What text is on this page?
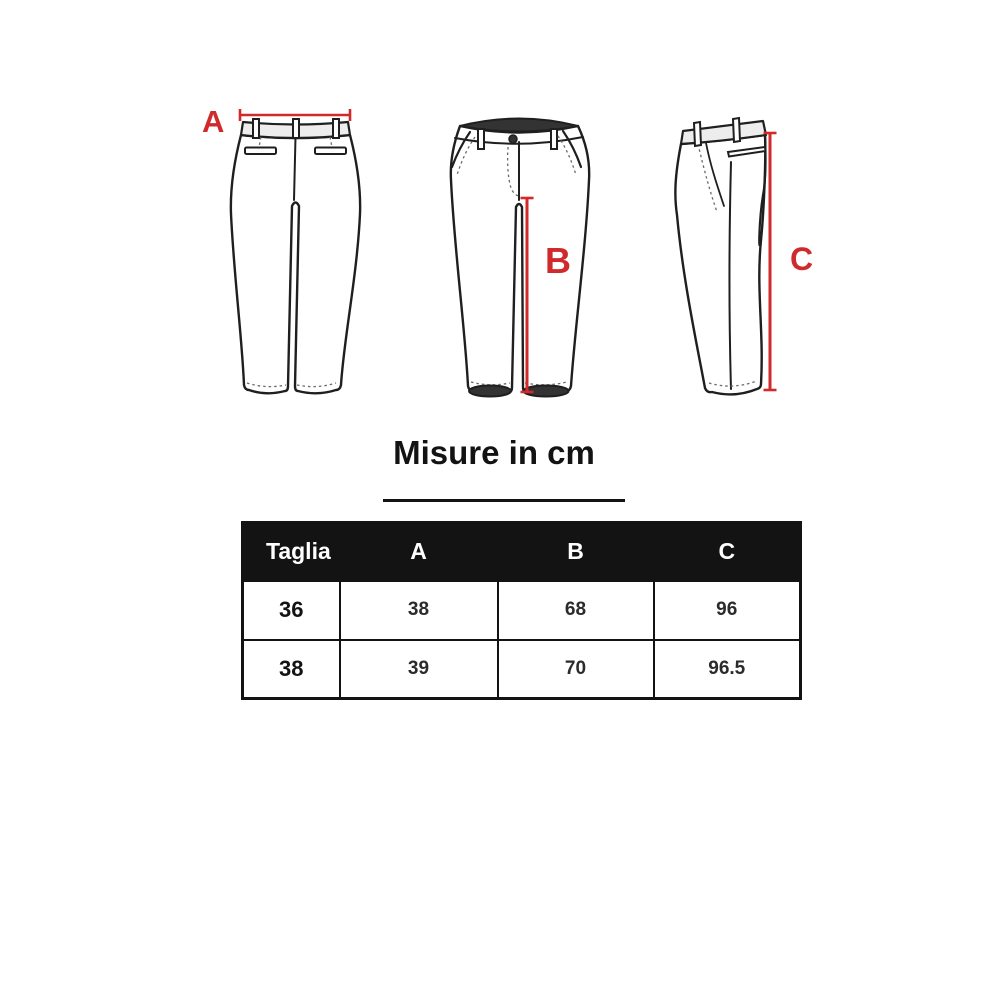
A
B	C
Misure in cm
Taglia	A	B	C
36	38	68	96
38	39	70	96.5
